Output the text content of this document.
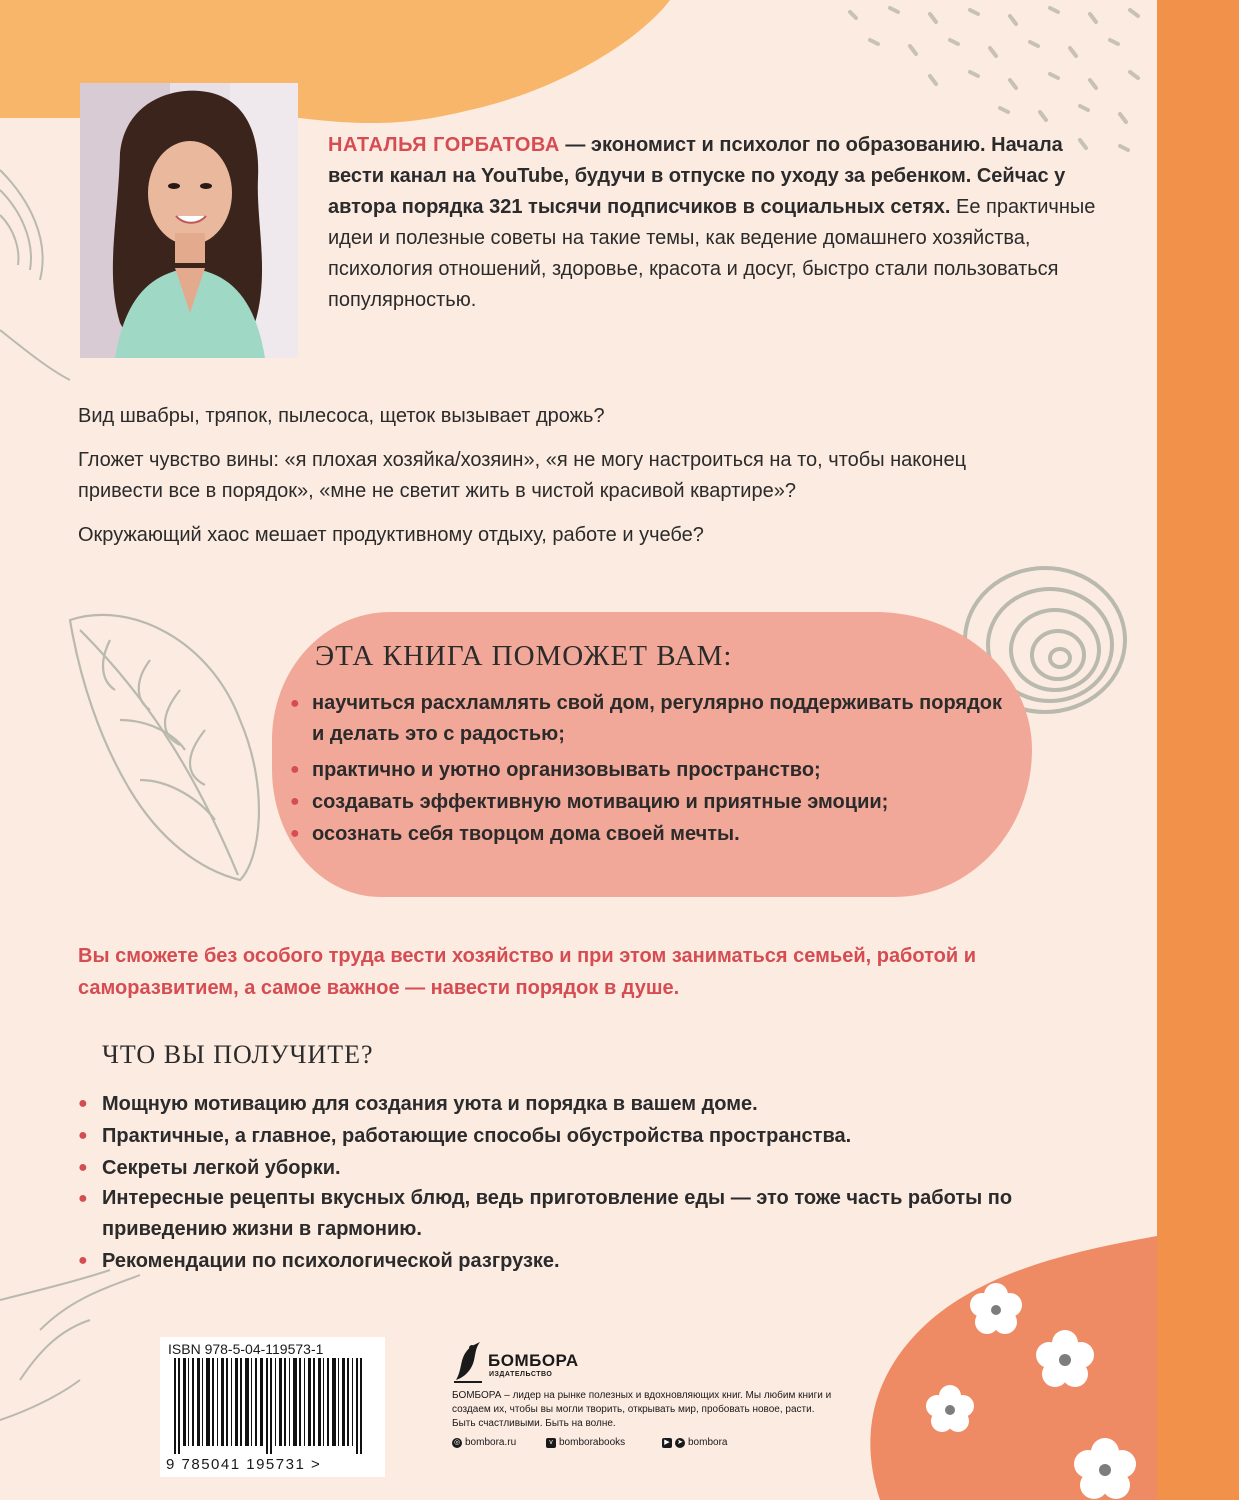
НАТАЛЬЯ ГОРБАТОВА — экономист и психолог по образованию. Начала вести канал на YouTube, будучи в отпуске по уходу за ребенком. Сейчас у автора порядка 321 тысячи подписчиков в социальных сетях. Ее практичные идеи и полезные советы на такие темы, как ведение домашнего хозяйства, психология отношений, здоровье, красота и досуг, быстро стали пользоваться популярностью.
Вид швабры, тряпок, пылесоса, щеток вызывает дрожь?
Гложет чувство вины: «я плохая хозяйка/хозяин», «я не могу настроиться на то, чтобы наконец привести все в порядок», «мне не светит жить в чистой красивой квартире»?
Окружающий хаос мешает продуктивному отдыху, работе и учебе?
ЭТА КНИГА ПОМОЖЕТ ВАМ:
● научиться расхламлять свой дом, регулярно поддерживать порядок и делать это с радостью;
● практично и уютно организовывать пространство;
● создавать эффективную мотивацию и приятные эмоции;
● осознать себя творцом дома своей мечты.
Вы сможете без особого труда вести хозяйство и при этом заниматься семьей, работой и саморазвитием, а самое важное — навести порядок в душе.
ЧТО ВЫ ПОЛУЧИТЕ?
● Мощную мотивацию для создания уюта и порядка в вашем доме.
● Практичные, а главное, работающие способы обустройства пространства.
● Секреты легкой уборки.
● Интересные рецепты вкусных блюд, ведь приготовление еды — это тоже часть работы по приведению жизни в гармонию.
● Рекомендации по психологической разгрузке.
ISBN 978-5-04-119573-1
9 785041 195731 >
БОМБОРА
ИЗДАТЕЛЬСТВО
БОМБОРА – лидер на рынке полезных и вдохновляющих книг. Мы любим книги и создаем их, чтобы вы могли творить, открывать мир, пробовать новое, расти. Быть счастливыми. Быть на волне.
◎ bombora.ru	v bomborabooks	▶	➤ bombora
